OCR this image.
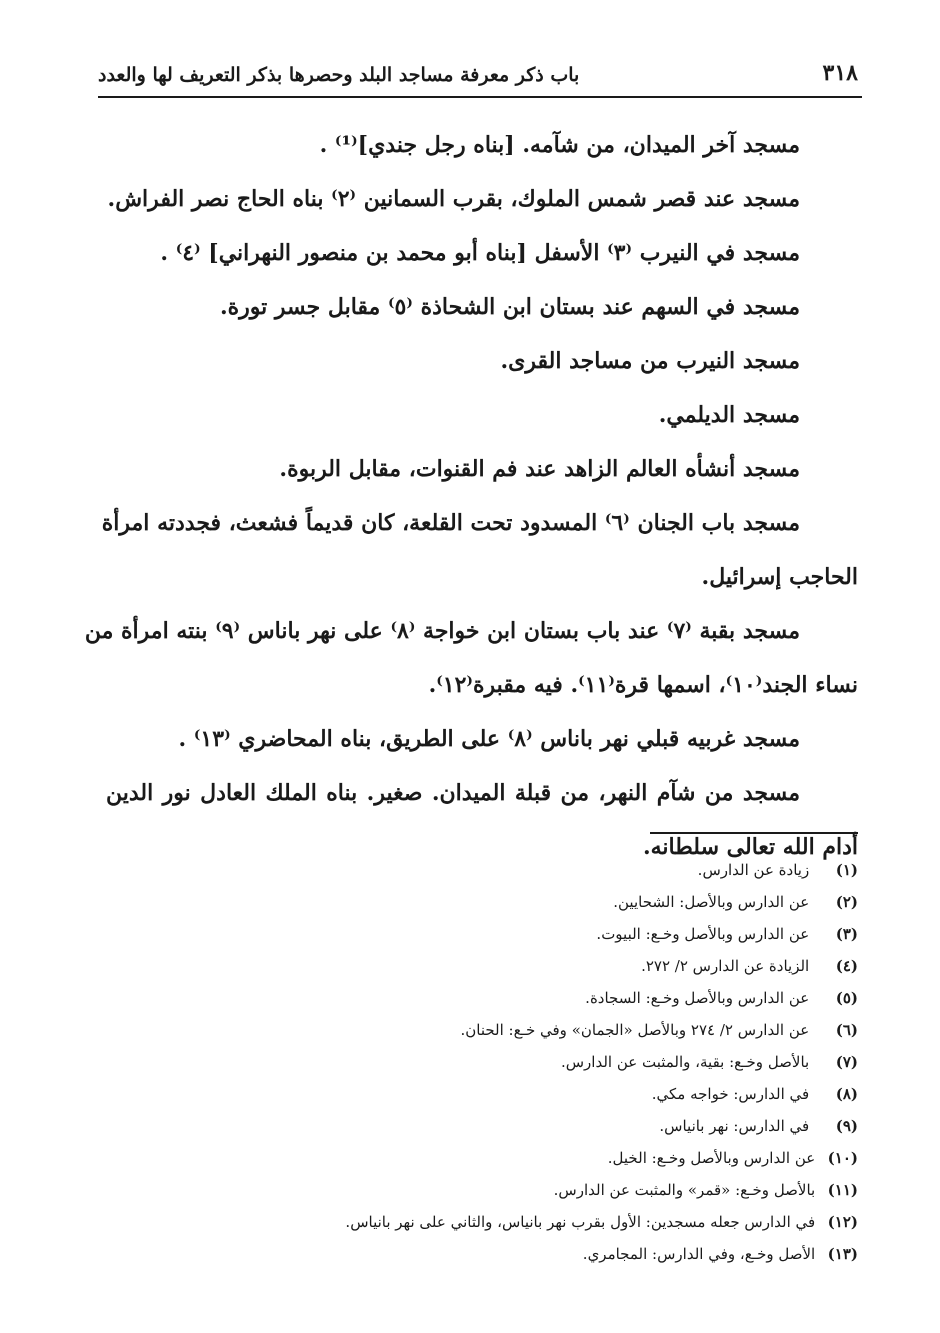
٣١٨
باب ذكر معرفة مساجد البلد وحصرها بذكر التعريف لها والعدد
مسجد آخر الميدان، من شآمه. [بناه رجل جندي]⁽¹⁾ .
مسجد عند قصر شمس الملوك، بقرب السمانين ⁽٢⁾ بناه الحاج نصر الفراش.
مسجد في النيرب ⁽٣⁾ الأسفل [بناه أبو محمد بن منصور النهراني] ⁽٤⁾ .
مسجد في السهم عند بستان ابن الشحاذة ⁽٥⁾ مقابل جسر تورة.
مسجد النيرب من مساجد القرى.
مسجد الديلمي.
مسجد أنشأه العالم الزاهد عند فم القنوات، مقابل الربوة.
مسجد باب الجنان ⁽٦⁾ المسدود تحت القلعة، كان قديماً فشعث، فجددته امرأة
الحاجب إسرائيل.
مسجد بقبة ⁽٧⁾ عند باب بستان ابن خواجة ⁽٨⁾ على نهر باناس ⁽٩⁾ بنته امرأة من
نساء الجند⁽١٠⁾، اسمها قرة⁽١١⁾. فيه مقبرة⁽١٢⁾.
مسجد غربيه قبلي نهر باناس ⁽٨⁾ على الطريق، بناه المحاضري ⁽١٣⁾ .
مسجد من شآم النهر، من قبلة الميدان. صغير. بناه الملك العادل نور الدين
أدام الله تعالى سلطانه.
(١) زيادة عن الدارس.
(٢) عن الدارس وبالأصل: الشحايين.
(٣) عن الدارس وبالأصل وخـع: البيوت.
(٤) الزيادة عن الدارس ٢/ ٢٧٢.
(٥) عن الدارس وبالأصل وخـع: السجادة.
(٦) عن الدارس ٢/ ٢٧٤ وبالأصل «الجمان» وفي خـع: الحنان.
(٧) بالأصل وخـع: بقية، والمثبت عن الدارس.
(٨) في الدارس: خواجه مكي.
(٩) في الدارس: نهر بانياس.
(١٠) عن الدارس وبالأصل وخـع: الخيل.
(١١) بالأصل وخـع: «قمر» والمثبت عن الدارس.
(١٢) في الدارس جعله مسجدين: الأول بقرب نهر بانياس، والثاني على نهر بانياس.
(١٣) الأصل وخـع، وفي الدارس: المجامري.
